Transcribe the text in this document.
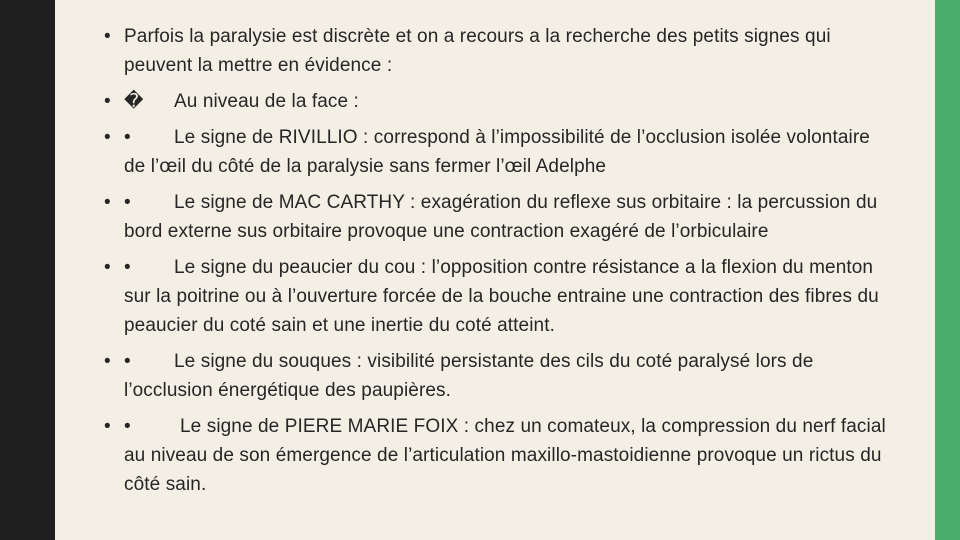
• Parfois la paralysie est discrète et on a recours a la recherche des petits signes qui peuvent la mettre en évidence :
• � Au niveau de la face :
• • Le signe de RIVILLIO : correspond à l’impossibilité de l’occlusion isolée volontaire de l’œil du côté de la paralysie sans fermer l’œil Adelphe
• • Le signe de MAC CARTHY : exagération du reflexe sus orbitaire : la percussion du bord externe sus orbitaire provoque une contraction exagéré de l’orbiculaire
• • Le signe du peaucier du cou : l’opposition contre résistance a la flexion du menton sur la poitrine ou à l’ouverture forcée de la bouche entraine une contraction des fibres du peaucier du coté sain et une inertie du coté atteint.
• • Le signe du souques : visibilité persistante des cils du coté paralysé lors de l’occlusion énergétique des paupières.
• •	Le signe de PIERE MARIE FOIX : chez un comateux, la compression du nerf facial au niveau de son émergence de l’articulation maxillo-mastoidienne provoque un rictus du côté sain.
